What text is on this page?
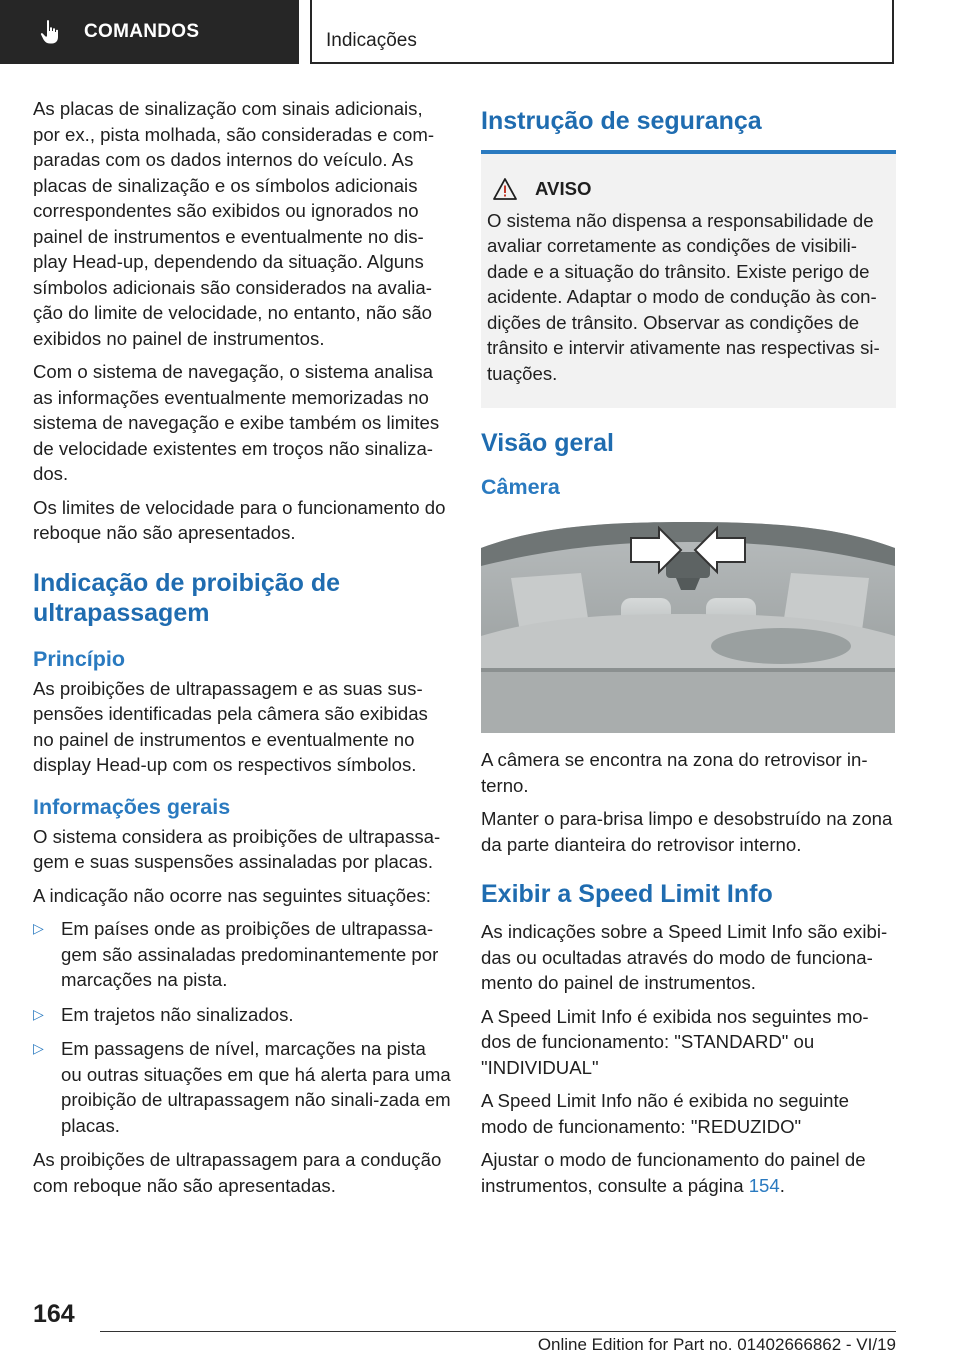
COMANDOS	Indicações

As placas de sinalização com sinais adicionais, por ex., pista molhada, são consideradas e com-paradas com os dados internos do veículo. As placas de sinalização e os símbolos adicionais correspondentes são exibidos ou ignorados no painel de instrumentos e eventualmente no dis-play Head-up, dependendo da situação. Alguns símbolos adicionais são considerados na avalia-ção do limite de velocidade, no entanto, não são exibidos no painel de instrumentos.

Com o sistema de navegação, o sistema analisa as informações eventualmente memorizadas no sistema de navegação e exibe também os limites de velocidade existentes em troços não sinaliza-dos.

Os limites de velocidade para o funcionamento do reboque não são apresentados.

Indicação de proibição de ultrapassagem
Princípio

As proibições de ultrapassagem e as suas sus-pensões identificadas pela câmera são exibidas no painel de instrumentos e eventualmente no display Head-up com os respectivos símbolos.

Informações gerais

O sistema considera as proibições de ultrapassa-gem e suas suspensões assinaladas por placas.

A indicação não ocorre nas seguintes situações:

▷ Em países onde as proibições de ultrapassa-gem são assinaladas predominantemente por marcações na pista.
▷ Em trajetos não sinalizados.
▷ Em passagens de nível, marcações na pista ou outras situações em que há alerta para uma proibição de ultrapassagem não sinali-zada em placas.

As proibições de ultrapassagem para a condução com reboque não são apresentadas.

Instrução de segurança
AVISO
O sistema não dispensa a responsabilidade de avaliar corretamente as condições de visibili-dade e a situação do trânsito. Existe perigo de acidente. Adaptar o modo de condução às con-dições de trânsito. Observar as condições de trânsito e intervir ativamente nas respectivas si-tuações.
Visão geral
Câmera

A câmera se encontra na zona do retrovisor in-terno.

Manter o para-brisa limpo e desobstruído na zona da parte dianteira do retrovisor interno.

Exibir a Speed Limit Info

As indicações sobre a Speed Limit Info são exibi-das ou ocultadas através do modo de funciona-mento do painel de instrumentos.

A Speed Limit Info é exibida nos seguintes mo-dos de funcionamento: "STANDARD" ou "INDIVIDUAL"

A Speed Limit Info não é exibida no seguinte modo de funcionamento: "REDUZIDO"

Ajustar o modo de funcionamento do painel de instrumentos, consulte a página 154.

164
Online Edition for Part no. 01402666862 - VI/19
